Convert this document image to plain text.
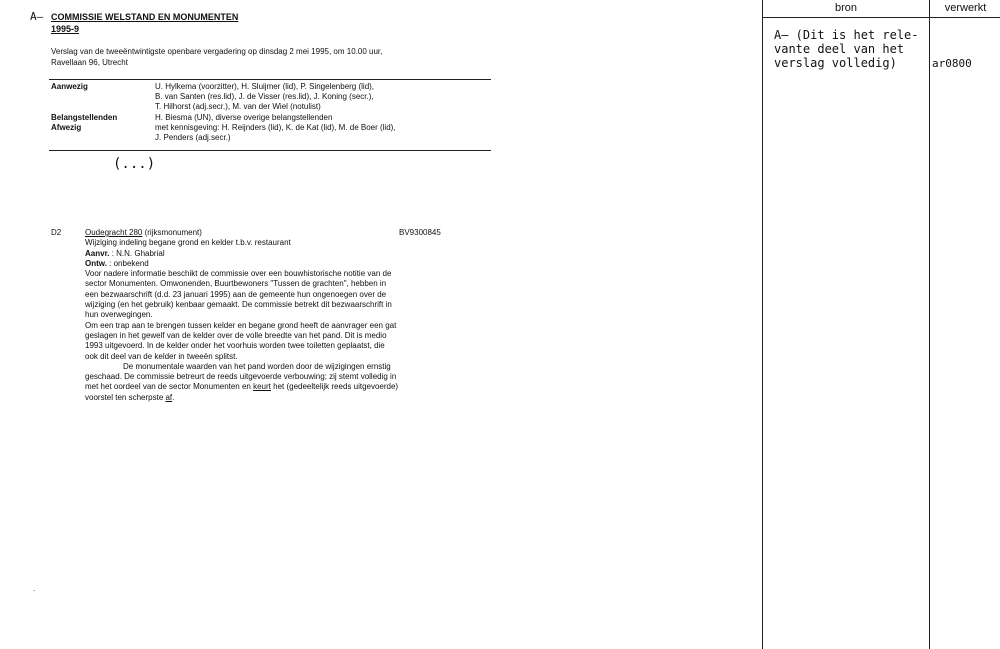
A– COMMISSIE WELSTAND EN MONUMENTEN
1995-9
Verslag van de tweeëntwintigste openbare vergadering op dinsdag 2 mei 1995, om 10.00 uur,
Ravellaan 96, Utrecht
Aanwezig	U. Hylkema (voorzitter), H. Sluijmer (lid), P. Singelenberg (lid),
B. van Santen (res.lid), J. de Visser (res.lid), J. Koning (secr.),
T. Hilhorst (adj.secr.), M. van der Wiel (notulist)
Belangstellenden	H. Biesma (UN), diverse overige belangstellenden
Afwezig	met kennisgeving: H. Reijnders (lid), K. de Kat (lid), M. de Boer (lid),
J. Penders (adj.secr.)
(...)
D2	Oudegracht 280 (rijksmonument)	BV9300845
Wijziging indeling begane grond en kelder t.b.v. restaurant
Aanvr. : N.N. Ghabrial
Ontw. : onbekend
Voor nadere informatie beschikt de commissie over een bouwhistorische notitie van de
sector Monumenten. Omwonenden, Buurtbewoners "Tussen de grachten", hebben in
een bezwaarschrift (d.d. 23 januari 1995) aan de gemeente hun ongenoegen over de
wijziging (en het gebruik) kenbaar gemaakt. De commissie betrekt dit bezwaarschrift in
hun overwegingen.
Om een trap aan te brengen tussen kelder en begane grond heeft de aanvrager een gat
geslagen in het gewelf van de kelder over de volle breedte van het pand. Dit is medio
1993 uitgevoerd. In de kelder onder het voorhuis worden twee toiletten geplaatst, die
ook dit deel van de kelder in tweeën splitst.
De monumentale waarden van het pand worden door de wijzigingen ernstig
geschaad. De commissie betreurt de reeds uitgevoerde verbouwing; zij stemt volledig in
met het oordeel van de sector Monumenten en keurt het (gedeeltelijk reeds uitgevoerde)
voorstel ten scherpste af.
.
bron	verwerkt
A– (Dit is het rele-
vante deel van het
verslag volledig)	ar0800
